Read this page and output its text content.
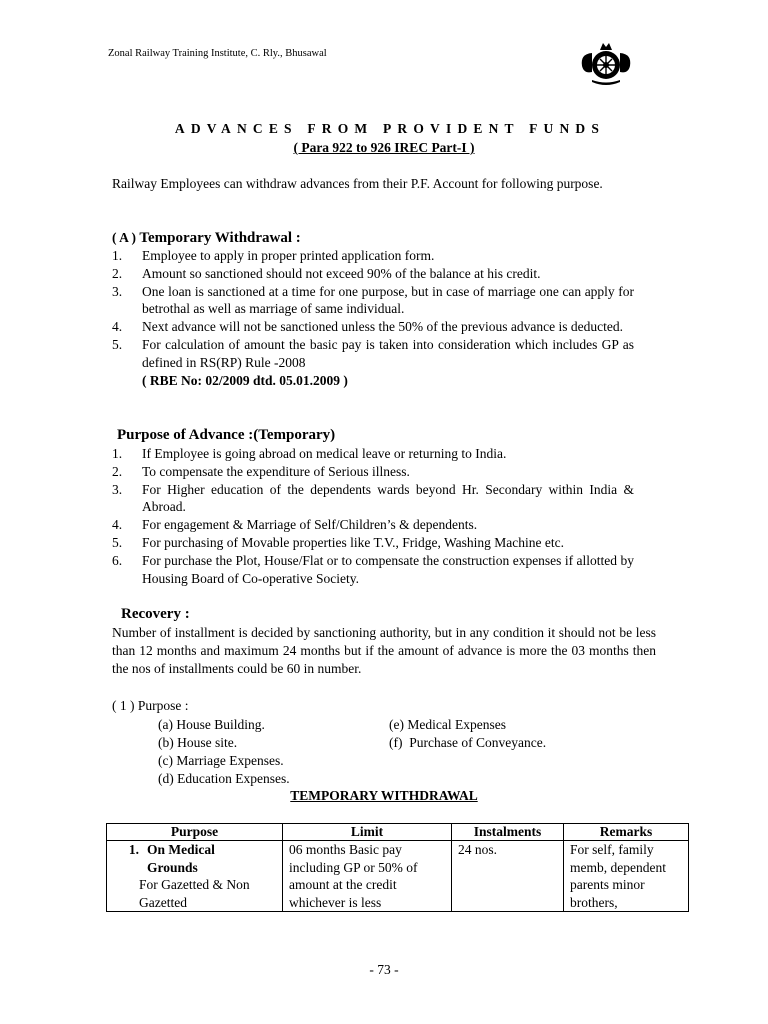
Zonal Railway Training Institute, C. Rly., Bhusawal
ADVANCES FROM PROVIDENT FUNDS
( Para 922 to 926 IREC Part-I )
Railway Employees can withdraw advances from their P.F. Account for following purpose.
( A ) Temporary Withdrawal :
1. Employee to apply in proper printed application form.
2. Amount so sanctioned should not exceed 90% of the balance at his credit.
3. One loan is sanctioned at a time for one purpose, but in case of marriage one can apply for betrothal as well as marriage of same individual.
4. Next advance will not be sanctioned unless the 50% of the previous advance is deducted.
5. For calculation of amount the basic pay is taken into consideration which includes GP as defined in RS(RP) Rule -2008
( RBE No: 02/2009 dtd. 05.01.2009 )
Purpose of Advance :(Temporary)
1. If Employee is going abroad on medical leave or returning to India.
2. To compensate the expenditure of Serious illness.
3. For Higher education of the dependents wards beyond Hr. Secondary within India & Abroad.
4. For engagement & Marriage of Self/Children’s & dependents.
5. For purchasing of Movable properties like T.V., Fridge, Washing Machine etc.
6. For purchase the Plot, House/Flat or to compensate the construction expenses if allotted by Housing Board of Co-operative Society.
Recovery :
Number of installment is decided by sanctioning authority, but in any condition it should not be less than 12 months and maximum 24 months but if the amount of advance is more the 03 months then the nos of installments could be 60 in number.
( 1 ) Purpose :
(a) House Building.
(b) House site.
(c) Marriage Expenses.
(d) Education Expenses.
(e) Medical Expenses
(f)  Purchase of Conveyance.
TEMPORARY WITHDRAWAL
Purpose	Limit	Instalments	Remarks

1. On Medical Grounds
For Gazetted & Non Gazetted	06 months Basic pay including GP or 50% of amount at the credit whichever is less	24 nos.	For self, family memb, dependent parents minor brothers,
- 73 -
